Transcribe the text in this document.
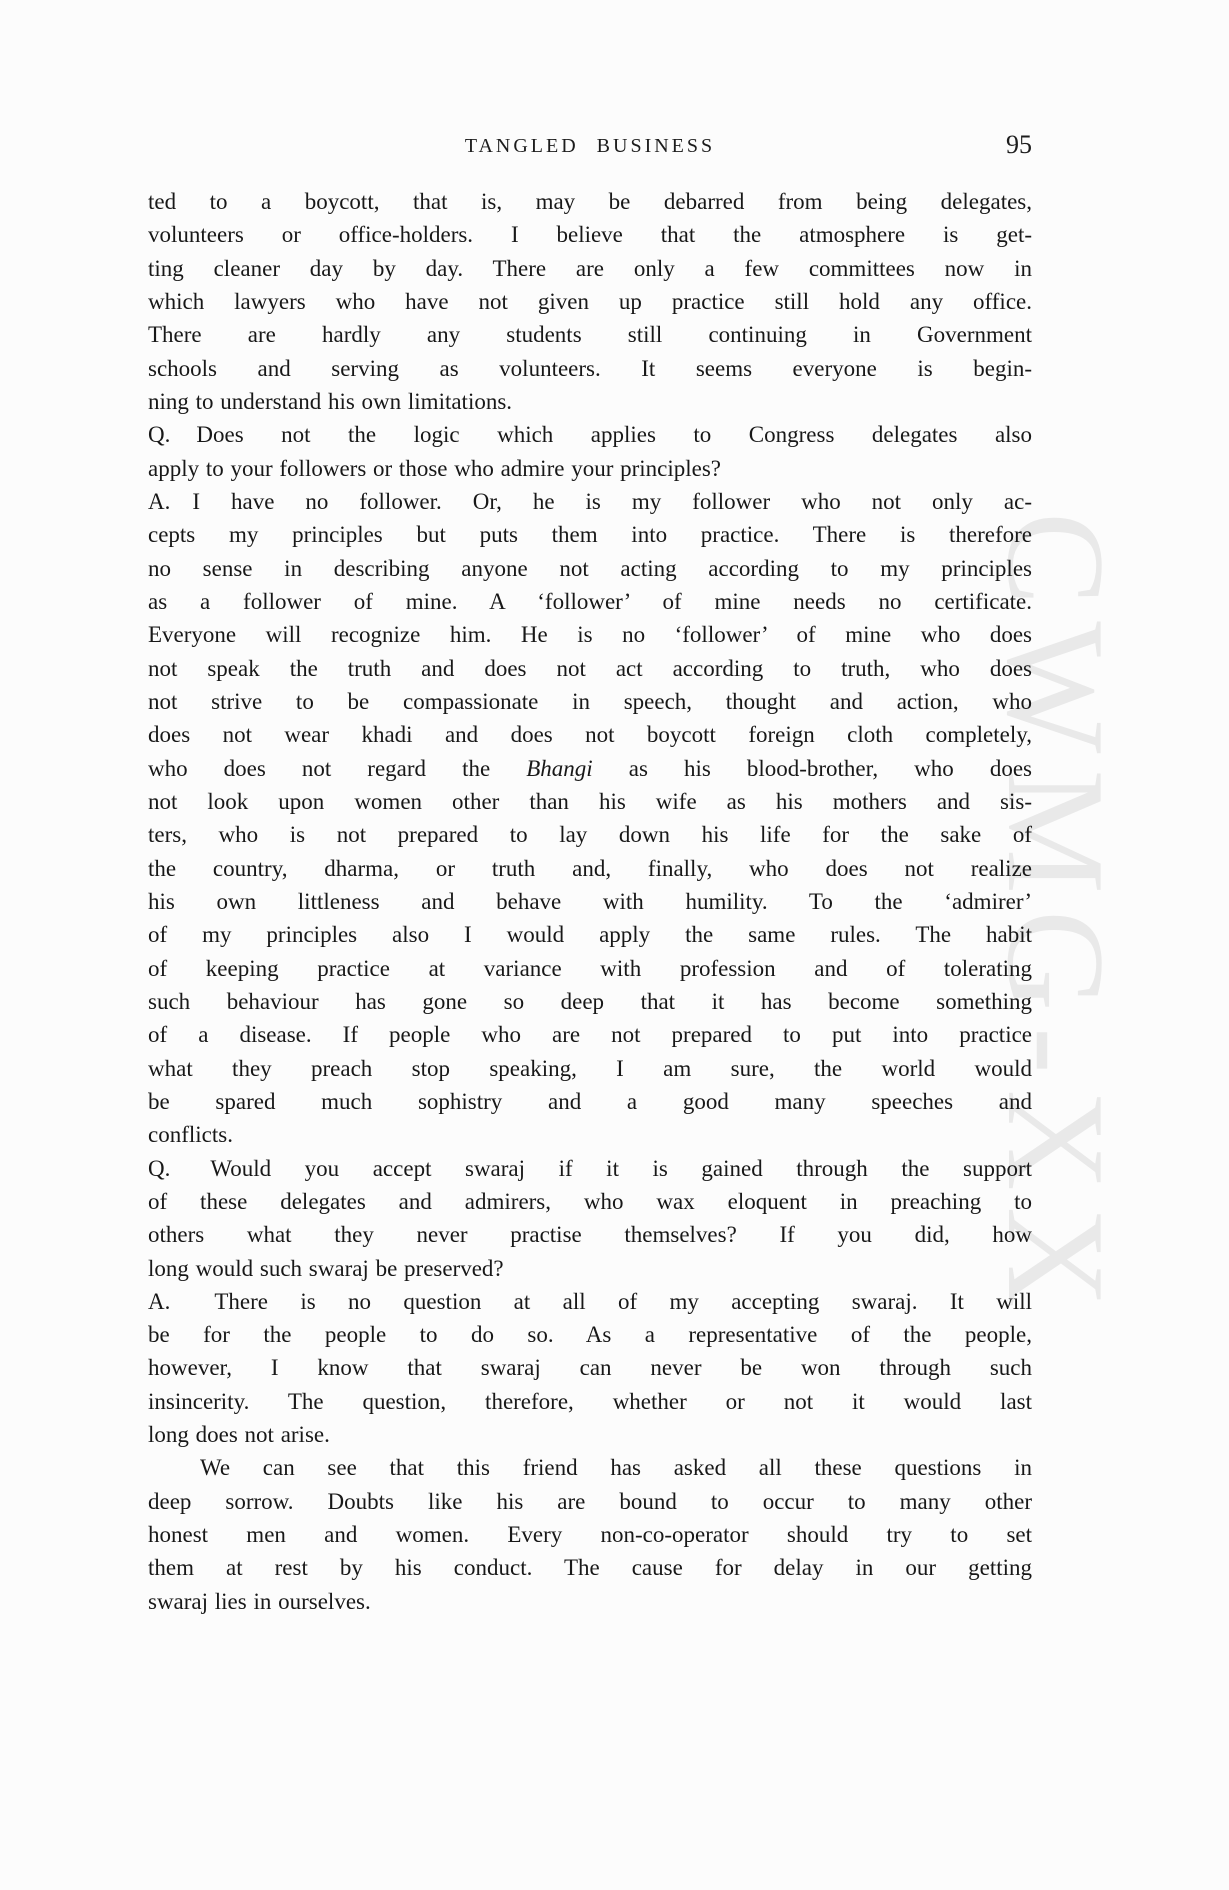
CWMG-XX
TANGLED BUSINESS	95
ted to a boycott, that is, may be debarred from being delegates,
volunteers or office-holders. I believe that the atmosphere is get-
ting cleaner day by day. There are only a few committees now in
which lawyers who have not given up practice still hold any office.
There are hardly any students still continuing in Government
schools and serving as volunteers. It seems everyone is begin-
ning to understand his own limitations.
Q. Does not the logic which applies to Congress delegates also
apply to your followers or those who admire your principles?
A. I have no follower. Or, he is my follower who not only ac-
cepts my principles but puts them into practice. There is therefore
no sense in describing anyone not acting according to my principles
as a follower of mine. A ‘follower’ of mine needs no certificate.
Everyone will recognize him. He is no ‘follower’ of mine who does
not speak the truth and does not act according to truth, who does
not strive to be compassionate in speech, thought and action, who
does not wear khadi and does not boycott foreign cloth completely,
who does not regard the Bhangi as his blood-brother, who does
not look upon women other than his wife as his mothers and sis-
ters, who is not prepared to lay down his life for the sake of
the country, dharma, or truth and, finally, who does not realize
his own littleness and behave with humility. To the ‘admirer’
of my principles also I would apply the same rules. The habit
of keeping practice at variance with profession and of tolerating
such behaviour has gone so deep that it has become something
of a disease. If people who are not prepared to put into practice
what they preach stop speaking, I am sure, the world would
be spared much sophistry and a good many speeches and
conflicts.
Q. Would you accept swaraj if it is gained through the support
of these delegates and admirers, who wax eloquent in preaching to
others what they never practise themselves? If you did, how
long would such swaraj be preserved?
A. There is no question at all of my accepting swaraj. It will
be for the people to do so. As a representative of the people,
however, I know that swaraj can never be won through such
insincerity. The question, therefore, whether or not it would last
long does not arise.
We can see that this friend has asked all these questions in
deep sorrow. Doubts like his are bound to occur to many other
honest men and women. Every non-co-operator should try to set
them at rest by his conduct. The cause for delay in our getting
swaraj lies in ourselves.
